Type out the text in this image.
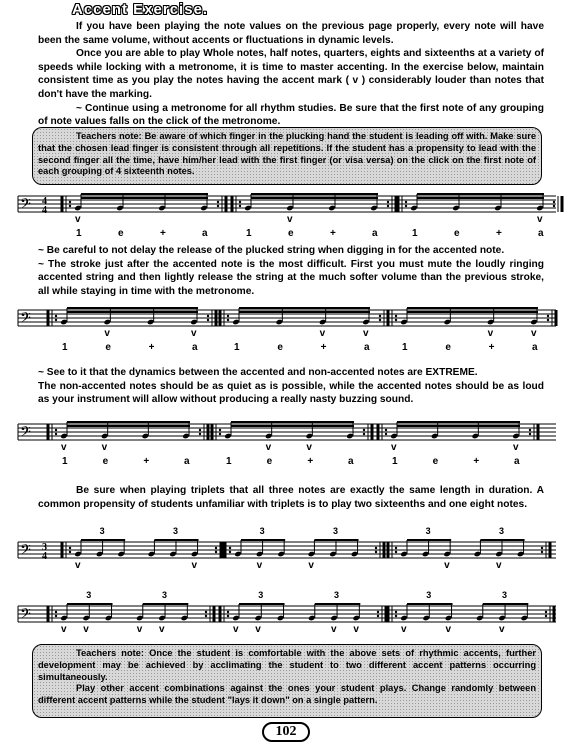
Accent Exercise.
If you have been playing the note values on the previous page properly, every note will have been the same volume, without accents or fluctuations in dynamic levels.
Once you are able to play Whole notes, half notes, quarters, eights and sixteenths at a variety of speeds while locking with a metronome, it is time to master accenting. In the exercise below, maintain consistent time as you play the notes having the accent mark ( v ) considerably louder than notes that don't have the marking.
~ Continue using a metronome for all rhythm studies. Be sure that the first note of any grouping of note values falls on the click of the metronome.

Teachers note: Be aware of which finger in the plucking hand the student is leading off with. Make sure that the chosen lead finger is consistent through all repetitions. If the student has a propensity to lead with the second finger all the time, have him/her lead with the first finger (or visa versa) on the click on the first note of each grouping of 4 sixteenth notes.

𝄢 4
4
v
1	e	+	a	1
v
e	+	a	1	e	+
v
a
~ Be careful to not delay the release of the plucked string when digging in for the accented note.
~ The stroke just after the accented note is the most difficult. First you must mute the loudly ringing accented string and then lightly release the string at the much softer volume than the previous stroke, all while staying in time with the metronome.
𝄢
1
v
e	+
v
a	1	e
v
+
v
a	1	e
v
+
v
a
~ See to it that the dynamics between the accented and non-accented notes are EXTREME.
The non-accented notes should be as quiet as is possible, while the accented notes should be as loud as your instrument will allow without producing a really nasty buzzing sound.
𝄢
v
1
v
e	+	a	1
v
e
v
+	a
v
1	e	+
v
a
Be sure when playing triplets that all three notes are exactly the same length in duration. A common propensity of students unfamiliar with triplets is to play two sixteenths and one eight notes.
𝄢 3
4
v	v
3	3
v	v
3	3
v	v
3	3
𝄢
v v	v v
3	3
v v	v v
3	3
v	v	v
3	3

Teachers note: Once the student is comfortable with the above sets of rhythmic accents, further development may be achieved by acclimating the student to two different accent patterns occurring simultaneously.

Play other accent combinations against the ones your student plays. Change randomly between different accent patterns while the student "lays it down" on a single pattern.

102
